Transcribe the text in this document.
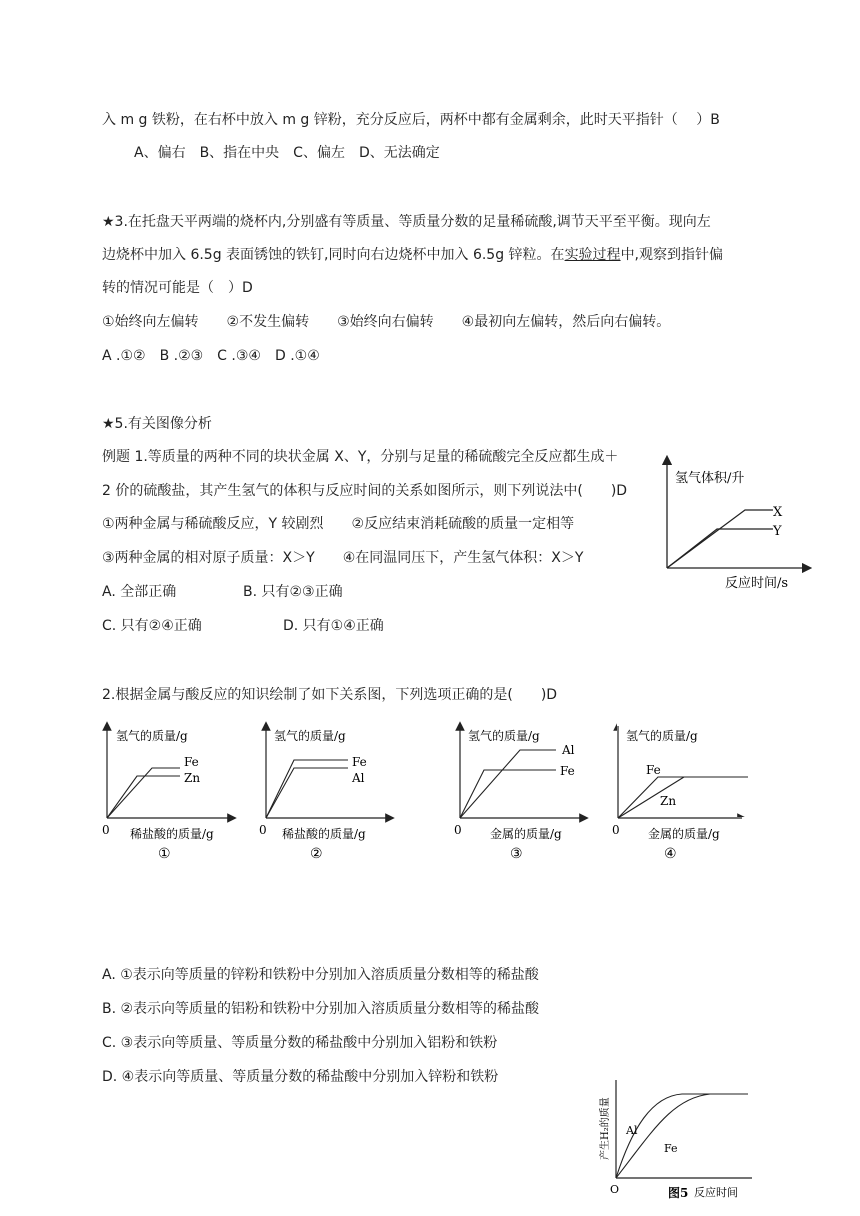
入 m g 铁粉，在右杯中放入 m g 锌粉，充分反应后，两杯中都有金属剩余，此时天平指针（　 ）B
A、偏右　B、指在中央　C、偏左　D、无法确定
★3.在托盘天平两端的烧杯内,分别盛有等质量、等质量分数的足量稀硫酸,调节天平至平衡。现向左
边烧杯中加入 6.5g 表面锈蚀的铁钉,同时向右边烧杯中加入 6.5g 锌粒。在实验过程中,观察到指针偏
转的情况可能是（　）D
①始终向左偏转　　②不发生偏转　　③始终向右偏转　　④最初向左偏转，然后向右偏转。
A .①②　B .②③　C .③④　D .①④
★5.有关图像分析
例题 1.等质量的两种不同的块状金属 X、Y，分别与足量的稀硫酸完全反应都生成＋
2 价的硫酸盐，其产生氢气的体积与反应时间的关系如图所示，则下列说法中(　　)D
①两种金属与稀硫酸反应，Y 较剧烈　　②反应结束消耗硫酸的质量一定相等
③两种金属的相对原子质量：X＞Y　　④在同温同压下，产生氢气体积：X＞Y
A. 全部正确	B. 只有②③正确
C. 只有②④正确	D. 只有①④正确
氢气体积/升
X
Y
反应时间/s
2.根据金属与酸反应的知识绘制了如下关系图，下列选项正确的是(　　)D
氢气的质量/g
Fe
Zn
0 稀盐酸的质量/g
①
氢气的质量/g
Fe
Al
0 稀盐酸的质量/g
②
氢气的质量/g
Al
Fe
0 金属的质量/g
③
氢气的质量/g
Fe
Zn
0 金属的质量/g
④
A. ①表示向等质量的锌粉和铁粉中分别加入溶质质量分数相等的稀盐酸
B. ②表示向等质量的铝粉和铁粉中分别加入溶质质量分数相等的稀盐酸
C. ③表示向等质量、等质量分数的稀盐酸中分别加入铝粉和铁粉
D. ④表示向等质量、等质量分数的稀盐酸中分别加入锌粉和铁粉
产生H₂的质量 Al
Fe
O	图5 反应时间
